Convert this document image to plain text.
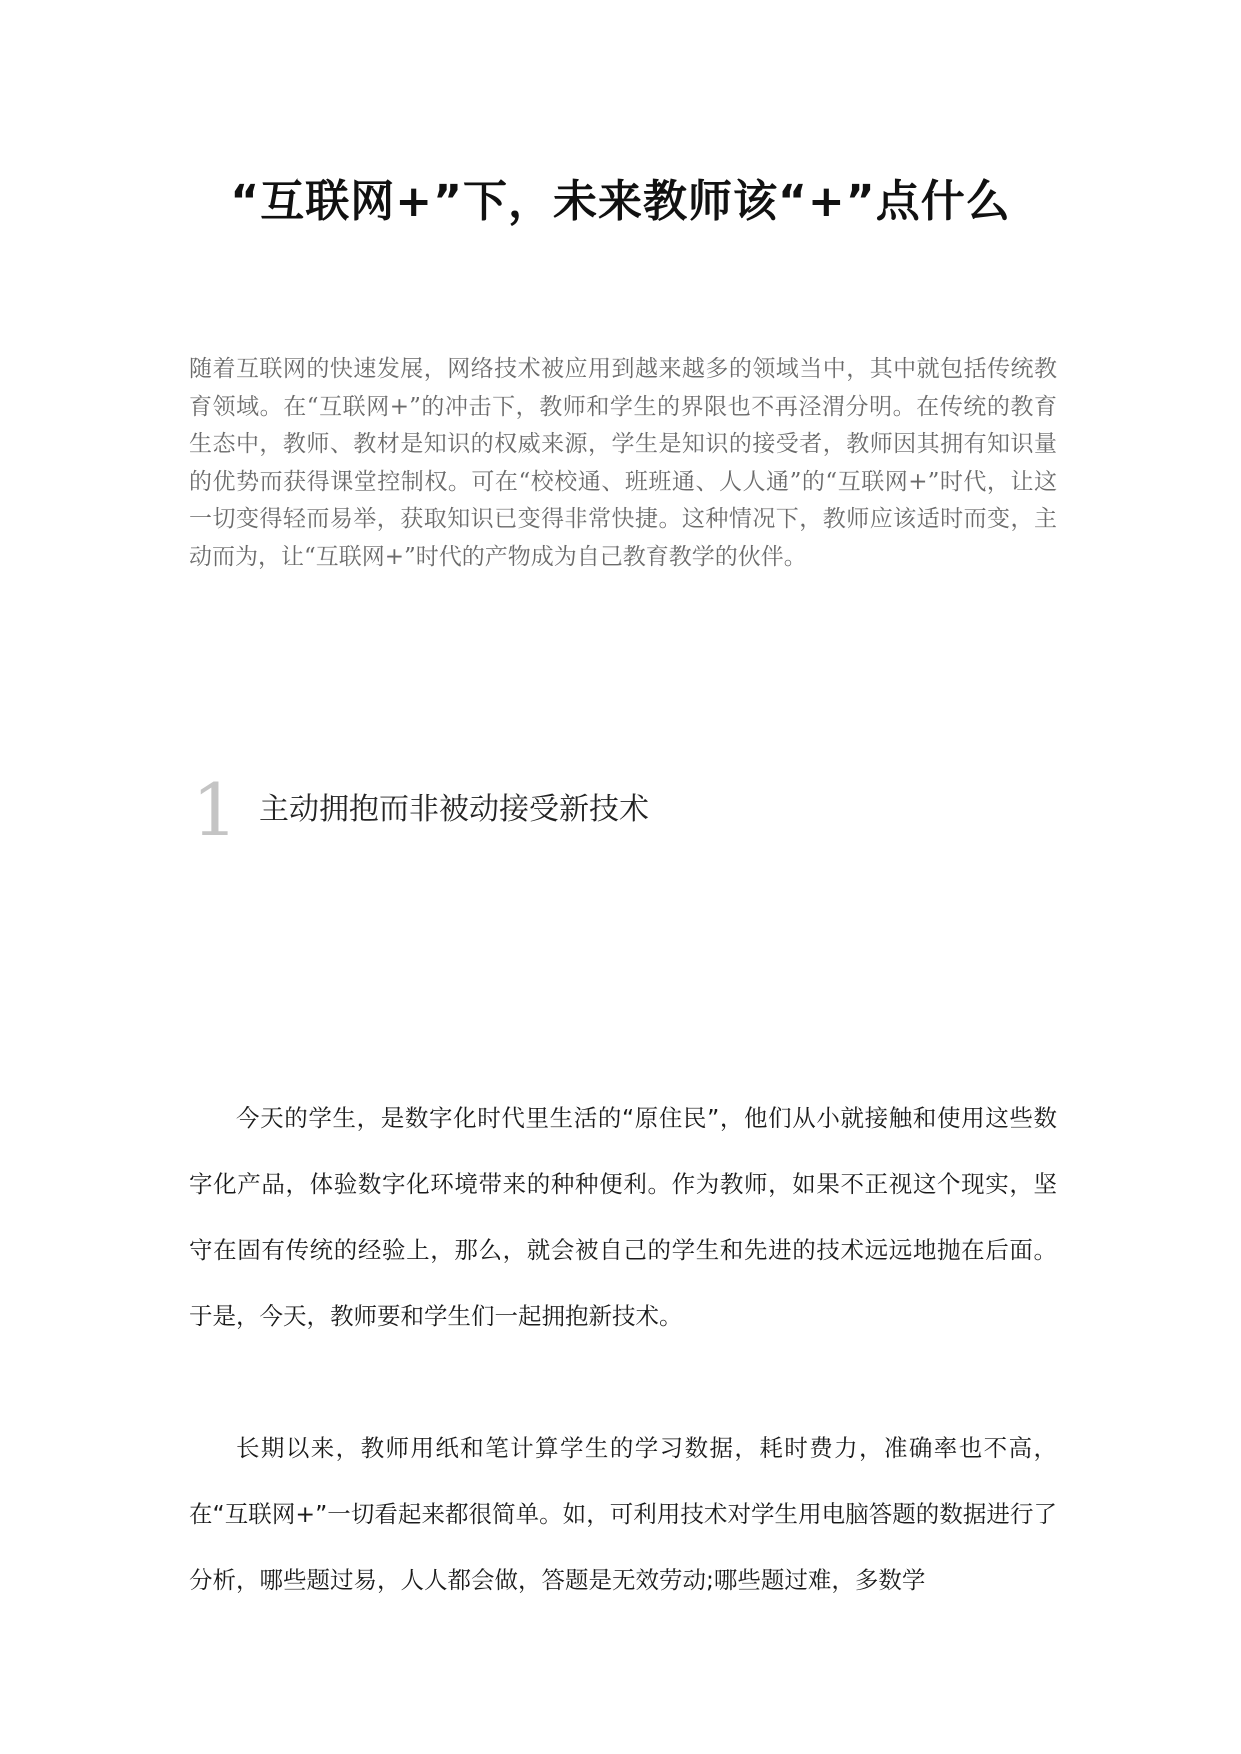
“互联网+”下，未来教师该“+”点什么

随着互联网的快速发展，网络技术被应用到越来越多的领域当中，其中就包括传统教育领域。在“互联网+”的冲击下，教师和学生的界限也不再泾渭分明。在传统的教育生态中，教师、教材是知识的权威来源，学生是知识的接受者，教师因其拥有知识量的优势而获得课堂控制权。可在“校校通、班班通、人人通”的“互联网+”时代，让这一切变得轻而易举，获取知识已变得非常快捷。这种情况下，教师应该适时而变，主动而为，让“互联网+”时代的产物成为自己教育教学的伙伴。

1 主动拥抱而非被动接受新技术

今天的学生，是数字化时代里生活的“原住民”，他们从小就接触和使用这些数字化产品，体验数字化环境带来的种种便利。作为教师，如果不正视这个现实，坚守在固有传统的经验上，那么，就会被自己的学生和先进的技术远远地抛在后面。于是，今天，教师要和学生们一起拥抱新技术。

长期以来，教师用纸和笔计算学生的学习数据，耗时费力，准确率也不高，在“互联网+”一切看起来都很简单。如，可利用技术对学生用电脑答题的数据进行了分析，哪些题过易，人人都会做，答题是无效劳动;哪些题过难，多数学
